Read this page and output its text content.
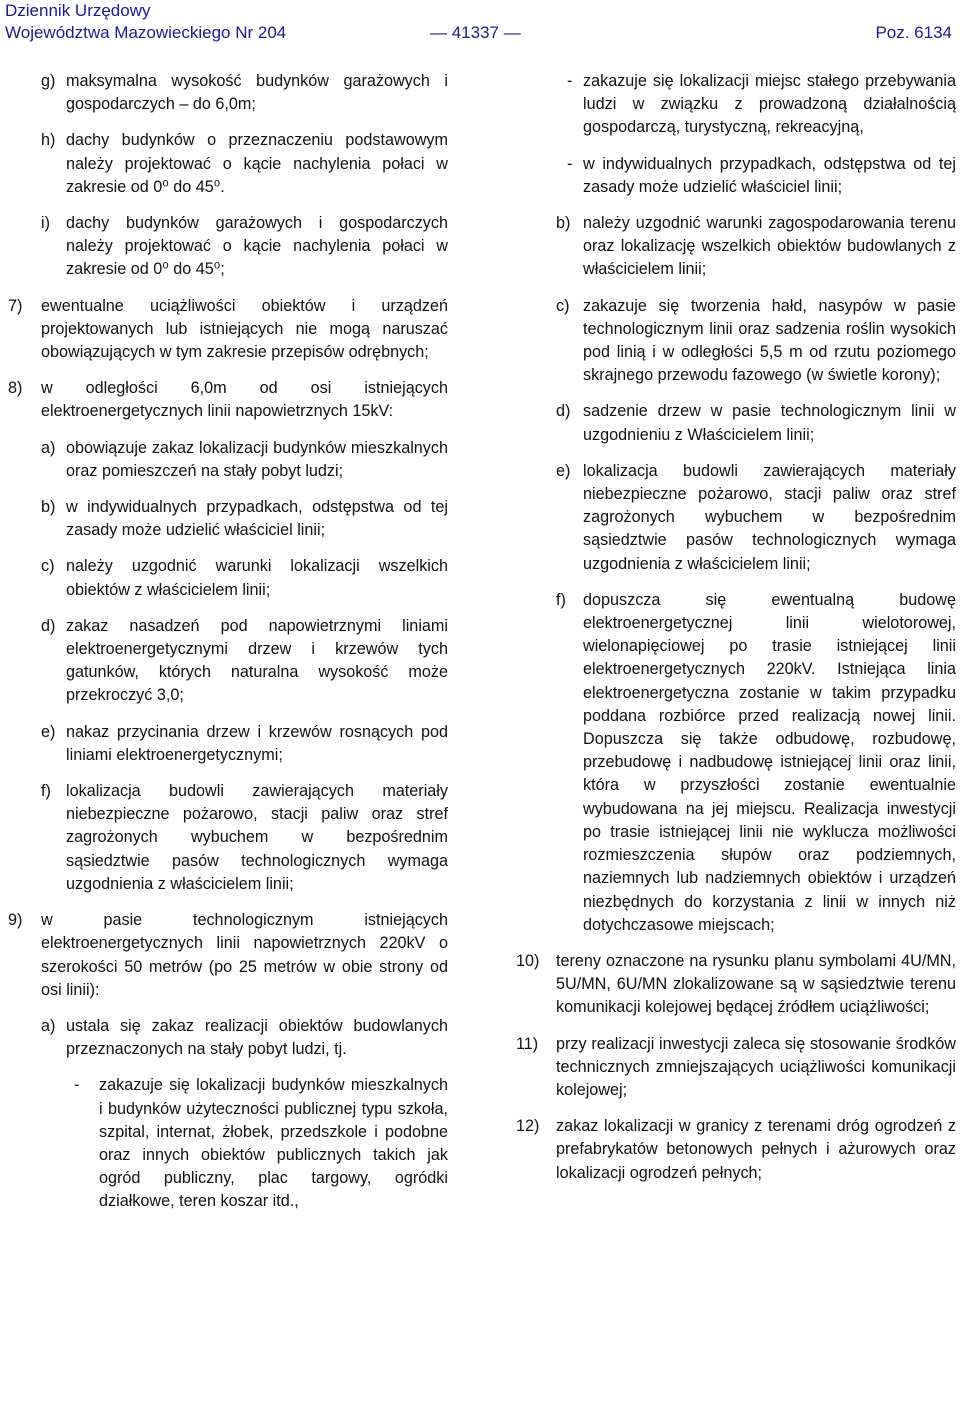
Dziennik Urzędowy
Województwa Mazowieckiego Nr 204	— 41337 —	Poz. 6134
g) maksymalna wysokość budynków garażowych i gospodarczych – do 6,0m;
h) dachy budynków o przeznaczeniu podstawowym należy projektować o kącie nachylenia połaci w zakresie od 0⁰ do 45⁰.
i) dachy budynków garażowych i gospodarczych należy projektować o kącie nachylenia połaci w zakresie od 0⁰ do 45⁰;
7) ewentualne uciążliwości obiektów i urządzeń projektowanych lub istniejących nie mogą naruszać obowiązujących w tym zakresie przepisów odrębnych;
8) w odległości 6,0m od osi istniejących elektroenergetycznych linii napowietrznych 15kV:
a) obowiązuje zakaz lokalizacji budynków mieszkalnych oraz pomieszczeń na stały pobyt ludzi;
b) w indywidualnych przypadkach, odstępstwa od tej zasady może udzielić właściciel linii;
c) należy uzgodnić warunki lokalizacji wszelkich obiektów z właścicielem linii;
d) zakaz nasadzeń pod napowietrznymi liniami elektroenergetycznymi drzew i krzewów tych gatunków, których naturalna wysokość może przekroczyć 3,0;
e) nakaz przycinania drzew i krzewów rosnących pod liniami elektroenergetycznymi;
f) lokalizacja budowli zawierających materiały niebezpieczne pożarowo, stacji paliw oraz stref zagrożonych wybuchem w bezpośrednim sąsiedztwie pasów technologicznych wymaga uzgodnienia z właścicielem linii;
9) w pasie technologicznym istniejących elektroenergetycznych linii napowietrznych 220kV o szerokości 50 metrów (po 25 metrów w obie strony od osi linii):
a) ustala się zakaz realizacji obiektów budowlanych przeznaczonych na stały pobyt ludzi, tj.
- zakazuje się lokalizacji budynków mieszkalnych i budynków użyteczności publicznej typu szkoła, szpital, internat, żłobek, przedszkole i podobne oraz innych obiektów publicznych takich jak ogród publiczny, plac targowy, ogródki działkowe, teren koszar itd.,
- zakazuje się lokalizacji miejsc stałego przebywania ludzi w związku z prowadzoną działalnością gospodarczą, turystyczną, rekreacyjną,
- w indywidualnych przypadkach, odstępstwa od tej zasady może udzielić właściciel linii;
b) należy uzgodnić warunki zagospodarowania terenu oraz lokalizację wszelkich obiektów budowlanych z właścicielem linii;
c) zakazuje się tworzenia hałd, nasypów w pasie technologicznym linii oraz sadzenia roślin wysokich pod linią i w odległości 5,5 m od rzutu poziomego skrajnego przewodu fazowego (w świetle korony);
d) sadzenie drzew w pasie technologicznym linii w uzgodnieniu z Właścicielem linii;
e) lokalizacja budowli zawierających materiały niebezpieczne pożarowo, stacji paliw oraz stref zagrożonych wybuchem w bezpośrednim sąsiedztwie pasów technologicznych wymaga uzgodnienia z właścicielem linii;
f) dopuszcza się ewentualną budowę elektroenergetycznej linii wielotorowej, wielonapięciowej po trasie istniejącej linii elektroenergetycznych 220kV. Istniejąca linia elektroenergetyczna zostanie w takim przypadku poddana rozbiórce przed realizacją nowej linii. Dopuszcza się także odbudowę, rozbudowę, przebudowę i nadbudowę istniejącej linii oraz linii, która w przyszłości zostanie ewentualnie wybudowana na jej miejscu. Realizacja inwestycji po trasie istniejącej linii nie wyklucza możliwości rozmieszczenia słupów oraz podziemnych, naziemnych lub nadziemnych obiektów i urządzeń niezbędnych do korzystania z linii w innych niż dotychczasowe miejscach;
10) tereny oznaczone na rysunku planu symbolami 4U/MN, 5U/MN, 6U/MN zlokalizowane są w sąsiedztwie terenu komunikacji kolejowej będącej źródłem uciążliwości;
11) przy realizacji inwestycji zaleca się stosowanie środków technicznych zmniejszających uciążliwości komunikacji kolejowej;
12) zakaz lokalizacji w granicy z terenami dróg ogrodzeń z prefabrykatów betonowych pełnych i ażurowych oraz lokalizacji ogrodzeń pełnych;
